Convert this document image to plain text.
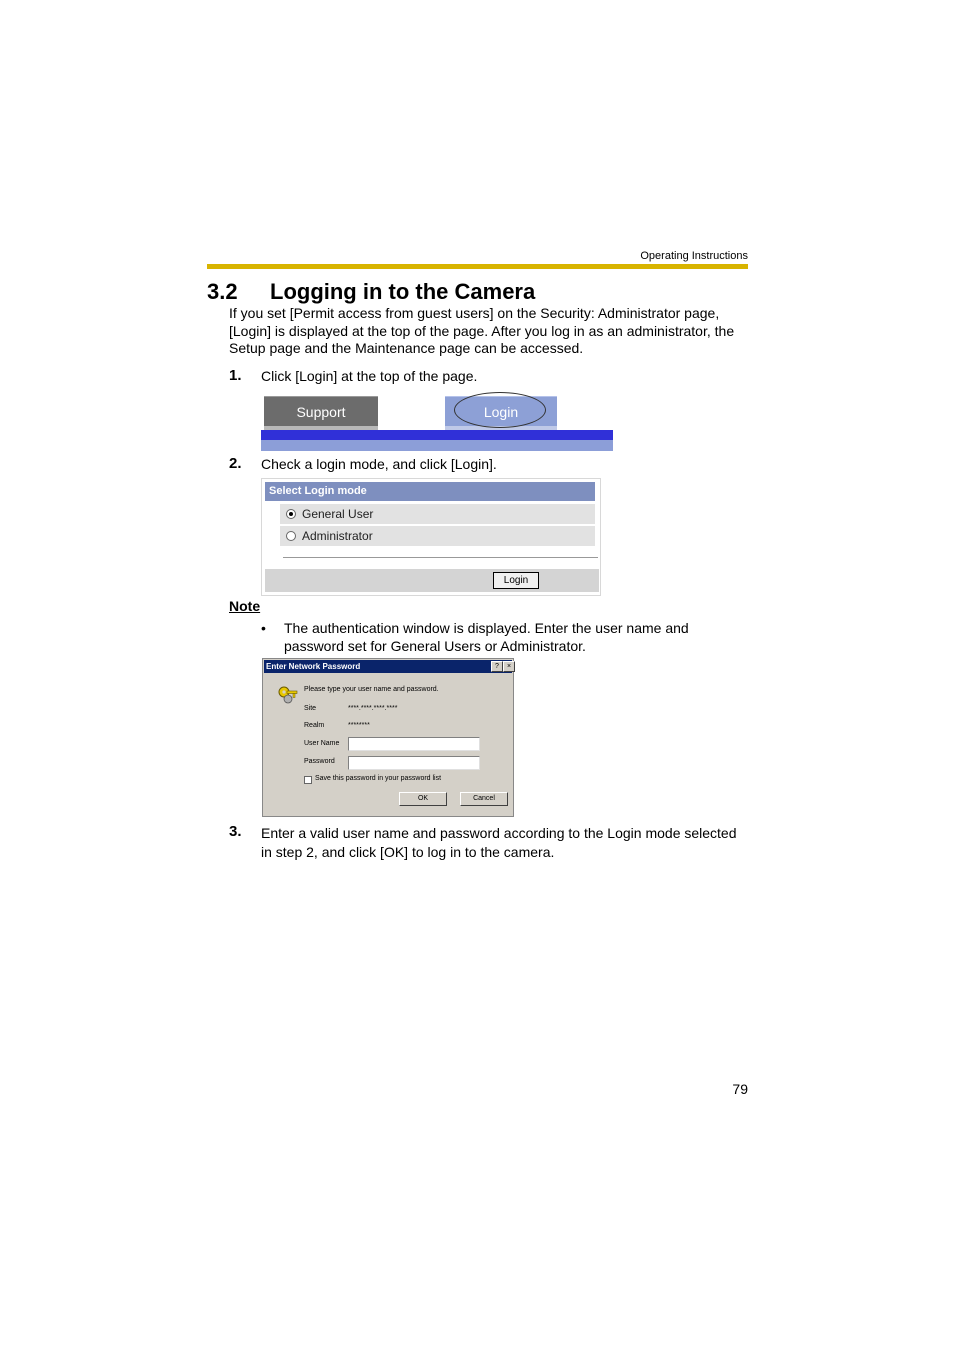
Operating Instructions
3.2 Logging in to the Camera
If you set [Permit access from guest users] on the Security: Administrator page, [Login] is displayed at the top of the page. After you log in as an administrator, the Setup page and the Maintenance page can be accessed.
1. Click [Login] at the top of the page.
Support	Login
2. Check a login mode, and click [Login].
Select Login mode
General User
Administrator
Login
Note
• The authentication window is displayed. Enter the user name and password set for General Users or Administrator.
Enter Network Password	?	×
Please type your user name and password.
Site	****.****.****.****
Realm	********
User Name
Password
Save this password in your password list
OK	Cancel
3. Enter a valid user name and password according to the Login mode selected in step 2, and click [OK] to log in to the camera.
79
